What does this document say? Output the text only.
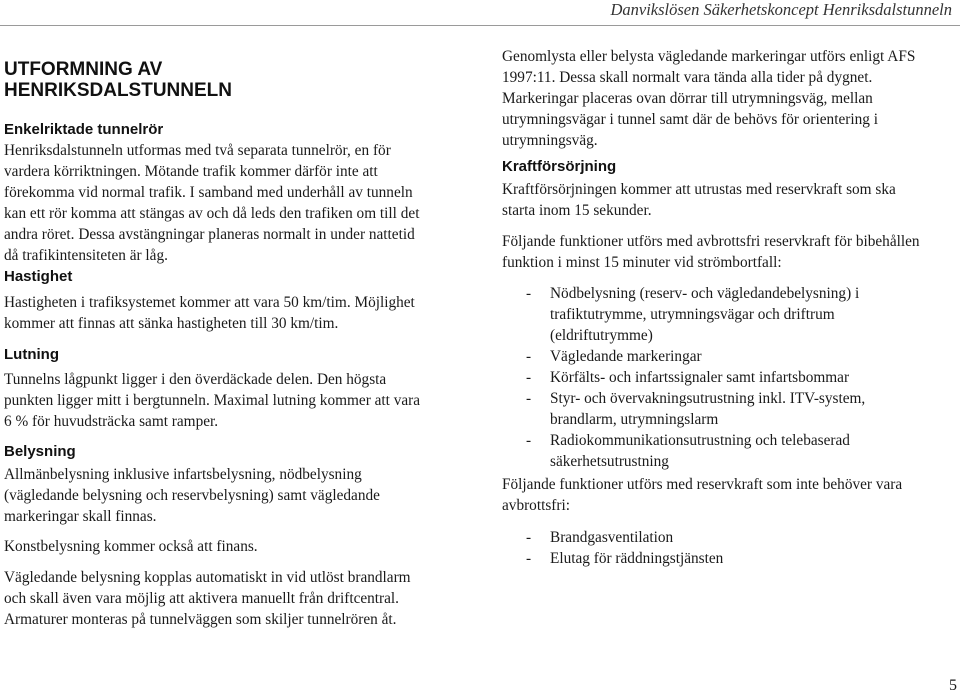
Danvikslösen Säkerhetskoncept Henriksdalstunneln
UTFORMNING AV
HENRIKSDALSTUNNELN
Enkelriktade tunnelrör
Henriksdalstunneln utformas med två separata tunnelrör, en för
vardera körriktningen. Mötande trafik kommer därför inte att
förekomma vid normal trafik. I samband med underhåll av tunneln
kan ett rör komma att stängas av och då leds den trafiken om till det
andra röret. Dessa avstängningar planeras normalt in under nattetid
då trafikintensiteten är låg.
Hastighet
Hastigheten i trafiksystemet kommer att vara 50 km/tim. Möjlighet
kommer att finnas att sänka hastigheten till 30 km/tim.
Lutning
Tunnelns lågpunkt ligger i den överdäckade delen. Den högsta
punkten ligger mitt i bergtunneln. Maximal lutning kommer att vara
6 % för huvudsträcka samt ramper.
Belysning
Allmänbelysning inklusive infartsbelysning, nödbelysning
(vägledande belysning och reservbelysning) samt vägledande
markeringar skall finnas.
Konstbelysning kommer också att finans.
Vägledande belysning kopplas automatiskt in vid utlöst brandlarm
och skall även vara möjlig att aktivera manuellt från driftcentral.
Armaturer monteras på tunnelväggen som skiljer tunnelrören åt.
Genomlysta eller belysta vägledande markeringar utförs enligt AFS
1997:11. Dessa skall normalt vara tända alla tider på dygnet.
Markeringar placeras ovan dörrar till utrymningsväg, mellan
utrymningsvägar i tunnel samt där de behövs för orientering i
utrymningsväg.
Kraftförsörjning
Kraftförsörjningen kommer att utrustas med reservkraft som ska
starta inom 15 sekunder.
Följande funktioner utförs med avbrottsfri reservkraft för bibehållen
funktion i minst 15 minuter vid strömbortfall:
- Nödbelysning (reserv- och vägledandebelysning) i
trafiktutrymme, utrymningsvägar och driftrum
(eldriftutrymme)
- Vägledande markeringar
- Körfälts- och infartssignaler samt infartsbommar
- Styr- och övervakningsutrustning inkl. ITV-system,
brandlarm, utrymningslarm
- Radiokommunikationsutrustning och telebaserad
säkerhetsutrustning
Följande funktioner utförs med reservkraft som inte behöver vara
avbrottsfri:
- Brandgasventilation
- Elutag för räddningstjänsten
5
